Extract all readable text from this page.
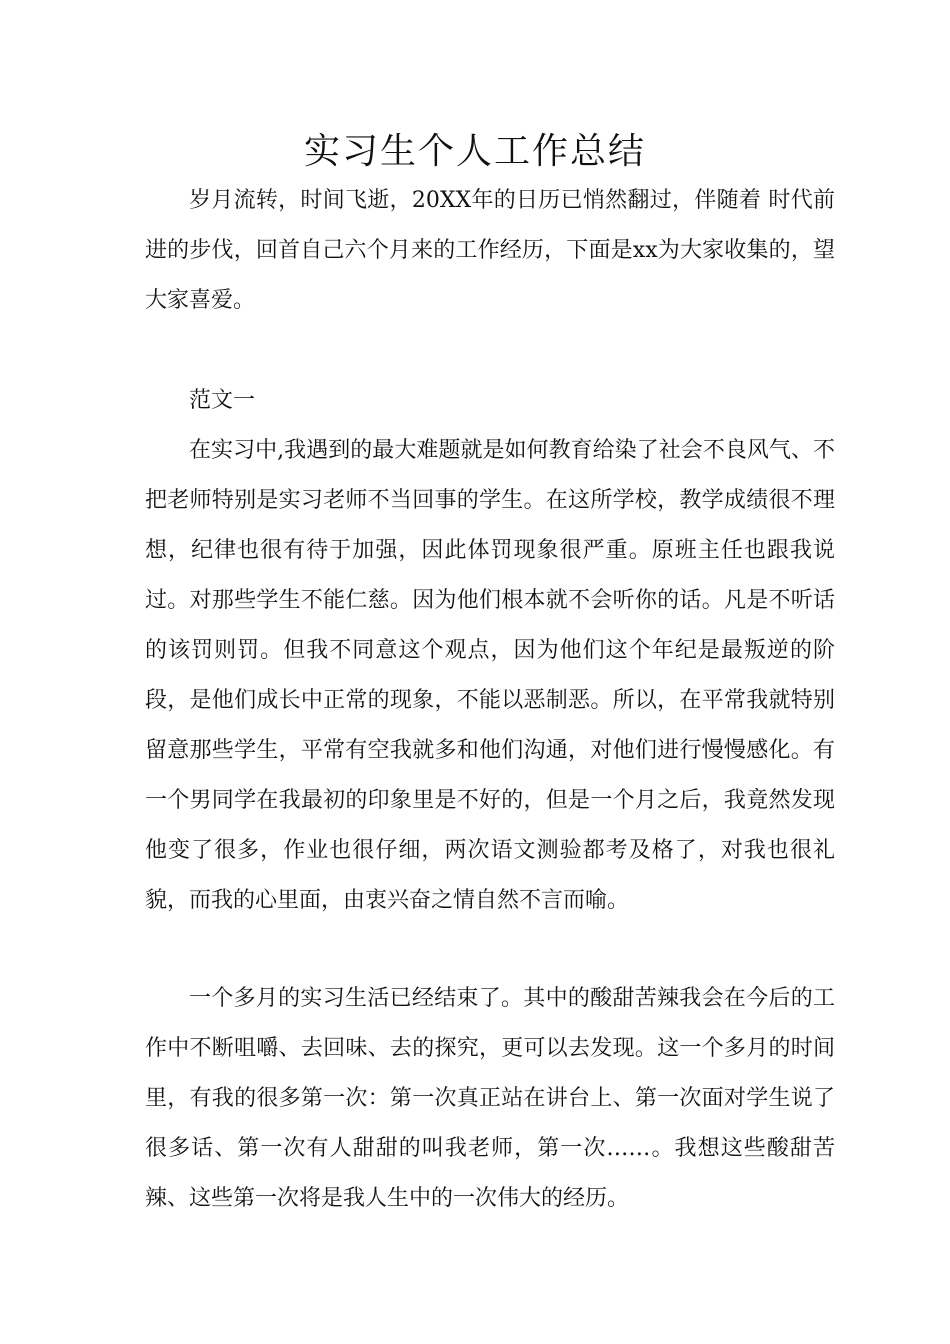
实习生个人工作总结

岁月流转，时间飞逝，20XX年的日历已悄然翻过，伴随着 时代前进的步伐，回首自己六个月来的工作经历，下面是xx为大家收集的，望大家喜爱。

范文一

在实习中,我遇到的最大难题就是如何教育给染了社会不良风气、不把老师特别是实习老师不当回事的学生。在这所学校，教学成绩很不理想，纪律也很有待于加强，因此体罚现象很严重。原班主任也跟我说过。对那些学生不能仁慈。因为他们根本就不会听你的话。凡是不听话的该罚则罚。但我不同意这个观点，因为他们这个年纪是最叛逆的阶段，是他们成长中正常的现象，不能以恶制恶。所以，在平常我就特别留意那些学生，平常有空我就多和他们沟通，对他们进行慢慢感化。有一个男同学在我最初的印象里是不好的，但是一个月之后，我竟然发现他变了很多，作业也很仔细，两次语文测验都考及格了，对我也很礼貌，而我的心里面，由衷兴奋之情自然不言而喻。

一个多月的实习生活已经结束了。其中的酸甜苦辣我会在今后的工作中不断咀嚼、去回味、去的探究，更可以去发现。这一个多月的时间里，有我的很多第一次：第一次真正站在讲台上、第一次面对学生说了很多话、第一次有人甜甜的叫我老师，第一次……。我想这些酸甜苦辣、这些第一次将是我人生中的一次伟大的经历。
